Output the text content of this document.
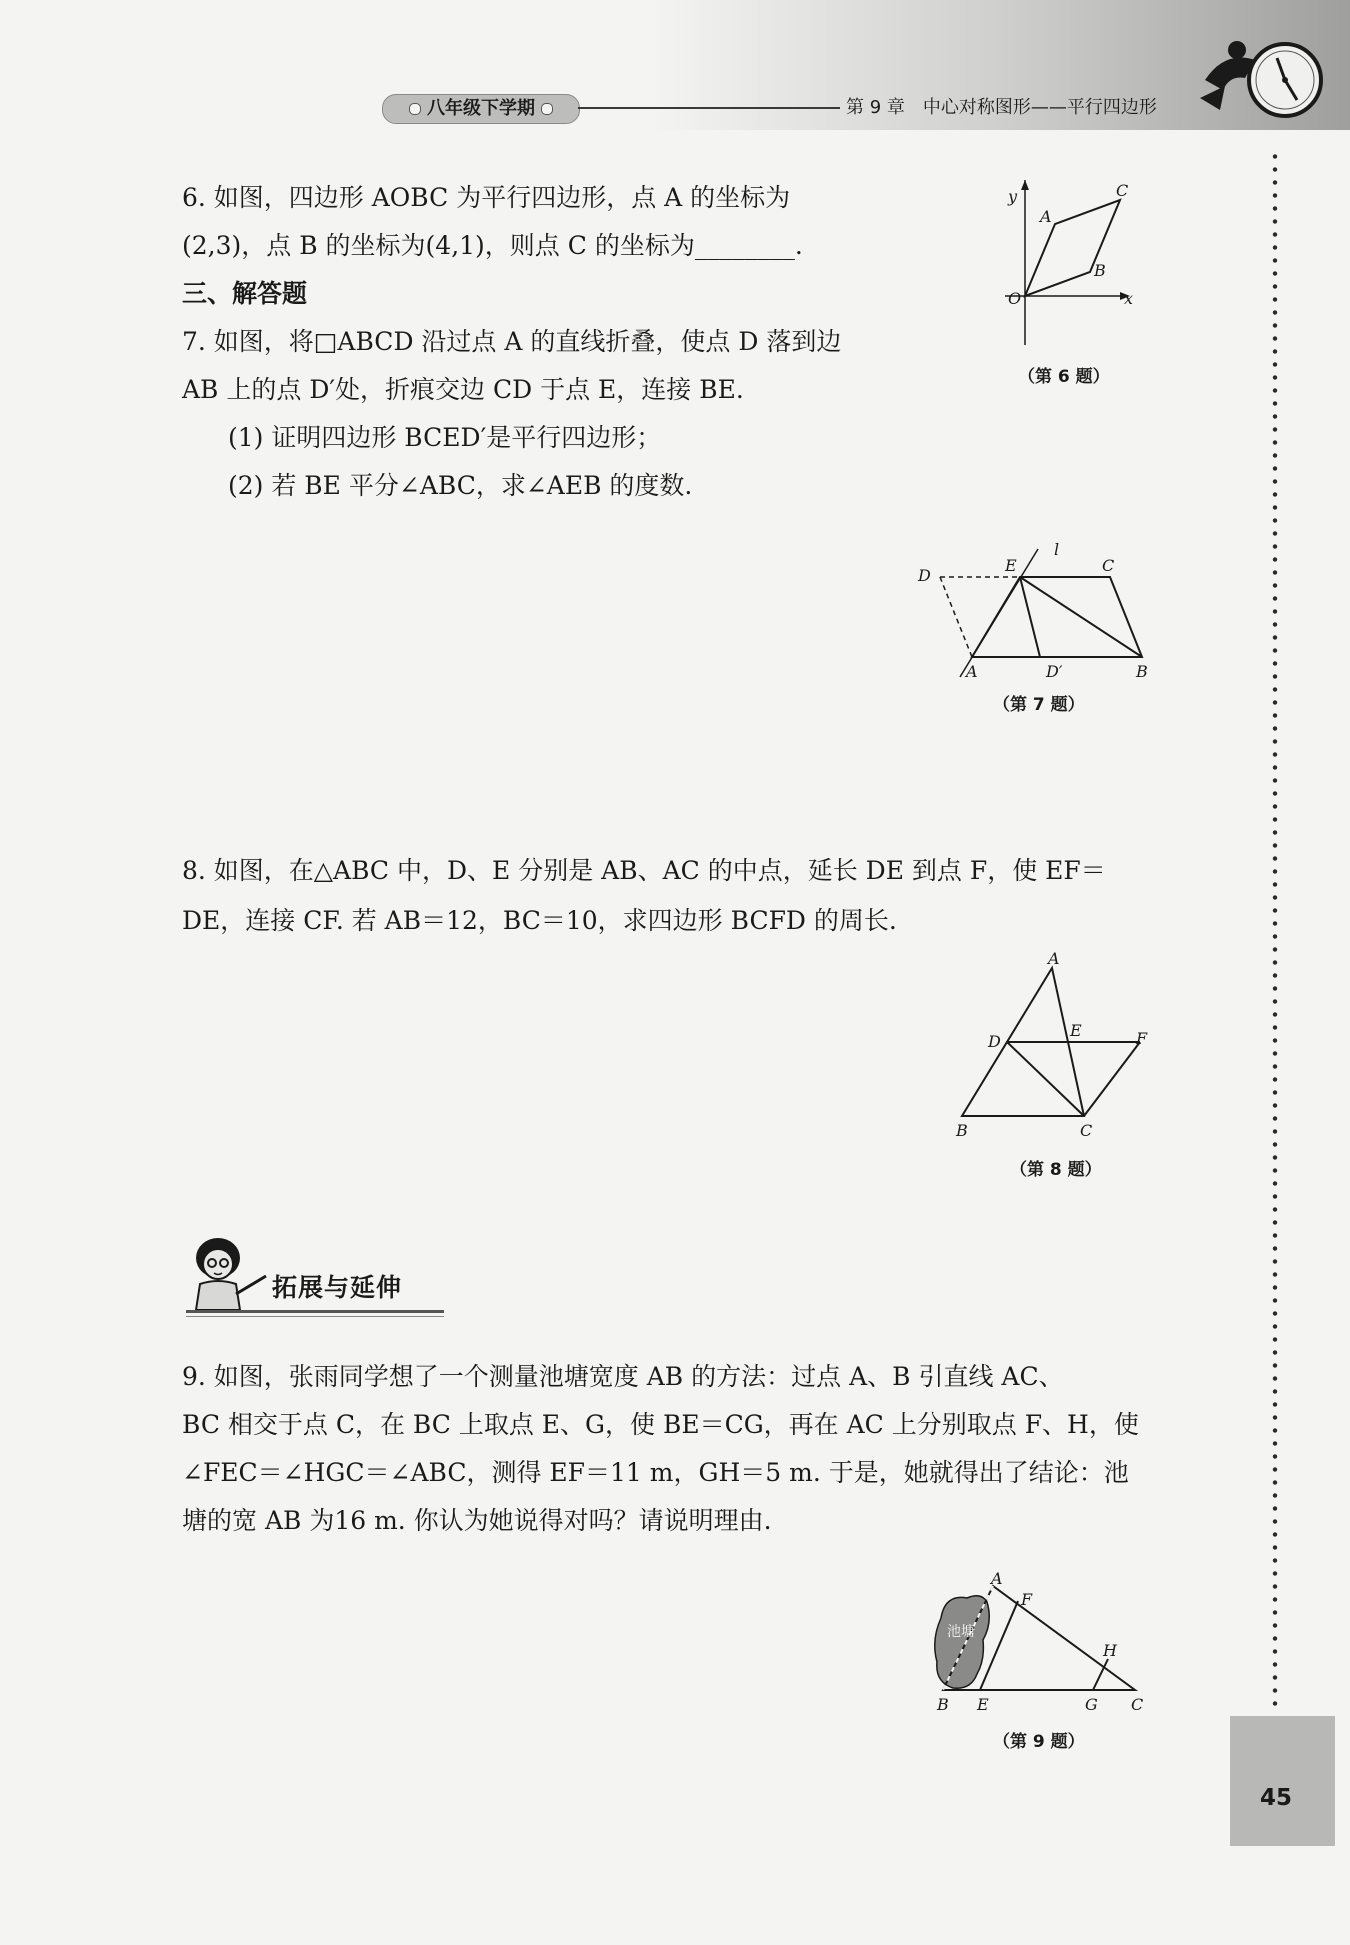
八年级下学期	第 9 章　中心对称图形——平行四边形
6. 如图，四边形 AOBC 为平行四边形，点 A 的坐标为
(2,3)，点 B 的坐标为(4,1)，则点 C 的坐标为________.
y
x
O
A
B
C
（第 6 题）
三、解答题
7. 如图，将□ABCD 沿过点 A 的直线折叠，使点 D 落到边
AB 上的点 D′处，折痕交边 CD 于点 E，连接 BE.
(1) 证明四边形 BCED′是平行四边形；
(2) 若 BE 平分∠ABC，求∠AEB 的度数.
D
E
l
C
A	D′	B
（第 7 题）
8. 如图，在△ABC 中，D、E 分别是 AB、AC 的中点，延长 DE 到点 F，使 EF＝
DE，连接 CF. 若 AB＝12，BC＝10，求四边形 BCFD 的周长.
A
D
E	F
B	C
（第 8 题）
拓展与延伸
9. 如图，张雨同学想了一个测量池塘宽度 AB 的方法：过点 A、B 引直线 AC、
BC 相交于点 C，在 BC 上取点 E、G，使 BE＝CG，再在 AC 上分别取点 F、H，使
∠FEC＝∠HGC＝∠ABC，测得 EF＝11 m，GH＝5 m. 于是，她就得出了结论：池
塘的宽 AB 为16 m. 你认为她说得对吗？请说明理由.
A
F
池塘
H
B E	G C
（第 9 题）
45
